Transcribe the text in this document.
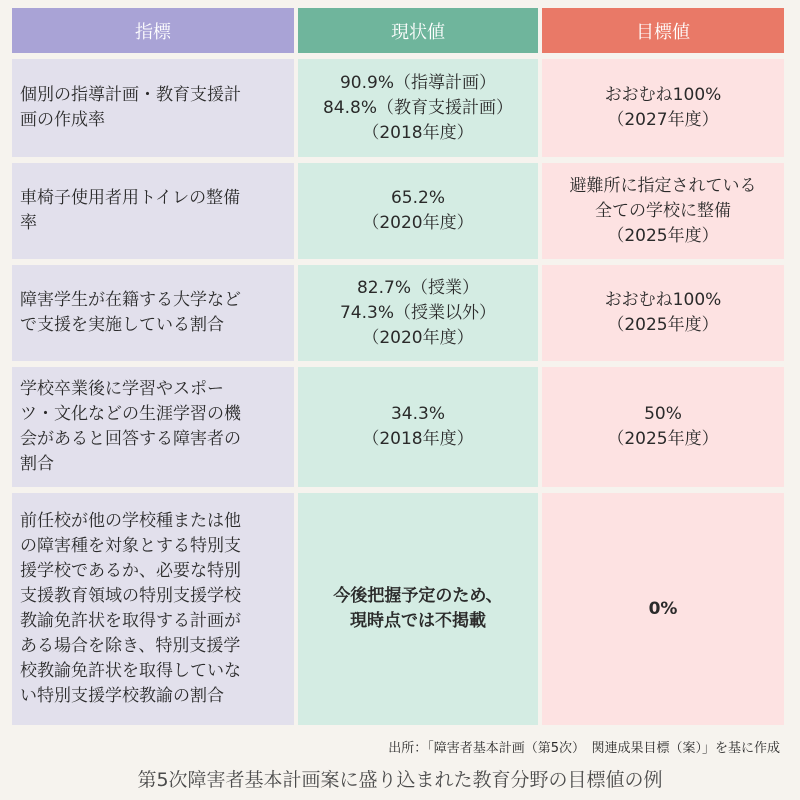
指標	現状値	目標値
個別の指導計画・教育支援計
画の作成率
90.9%（指導計画）
84.8%（教育支援計画）
（2018年度）
おおむね100%
（2027年度）
車椅子使用者用トイレの整備
率
65.2%
（2020年度）
避難所に指定されている
全ての学校に整備
（2025年度）
障害学生が在籍する大学など
で支援を実施している割合
82.7%（授業）
74.3%（授業以外）
（2020年度）
おおむね100%
（2025年度）
学校卒業後に学習やスポー
ツ・文化などの生涯学習の機
会があると回答する障害者の
割合
34.3%
（2018年度）
50%
（2025年度）
前任校が他の学校種または他
の障害種を対象とする特別支
援学校であるか、必要な特別
支援教育領域の特別支援学校
教諭免許状を取得する計画が
ある場合を除き、特別支援学
校教諭免許状を取得していな
い特別支援学校教諭の割合
今後把握予定のため、
現時点では不掲載
0%
出所：「障害者基本計画（第5次）　関連成果目標（案）」を基に作成
第5次障害者基本計画案に盛り込まれた教育分野の目標値の例
